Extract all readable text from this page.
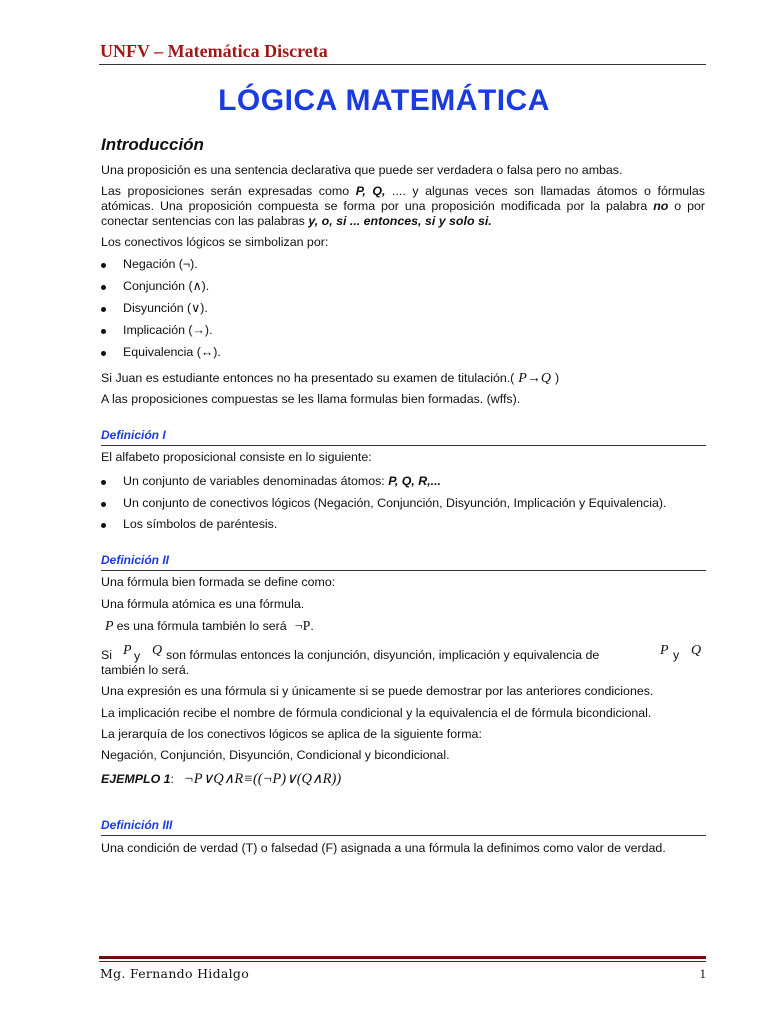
UNFV – Matemática Discreta
LÓGICA MATEMÁTICA
Introducción
Una proposición es una sentencia declarativa que puede ser verdadera o falsa pero no ambas.
Las proposiciones serán expresadas como P, Q, .... y algunas veces son llamadas átomos o fórmulas atómicas. Una proposición compuesta se forma por una proposición modificada por la palabra no o por conectar sentencias con las palabras y, o, si ... entonces, si y solo si.
Los conectivos lógicos se simbolizan por:
Negación (¬).
Conjunción (∧).
Disyunción (∨).
Implicación (→).
Equivalencia (↔).
Si Juan es estudiante entonces no ha presentado su examen de titulación.( P→Q )
A las proposiciones compuestas se les llama formulas bien formadas. (wffs).
Definición I
El alfabeto proposicional consiste en lo siguiente:
Un conjunto de variables denominadas átomos: P, Q, R,...
Un conjunto de conectivos lógicos (Negación, Conjunción, Disyunción, Implicación y Equivalencia).
Los símbolos de paréntesis.
Definición II
Una fórmula bien formada se define como:
Una fórmula atómica es una fórmula.
P es una fórmula también lo será ¬P.
Si P y Q son fórmulas entonces la conjunción, disyunción, implicación y equivalencia de	P y Q
también lo será.
Una expresión es una fórmula si y únicamente si se puede demostrar por las anteriores condiciones.
La implicación recibe el nombre de fórmula condicional y la equivalencia el de fórmula bicondicional.
La jerarquía de los conectivos lógicos se aplica de la siguiente forma:
Negación, Conjunción, Disyunción, Condicional y bicondicional.
EJEMPLO 1: ¬P∨Q∧R≡((¬P)∨(Q∧R))
Definición III
Una condición de verdad (T) o falsedad (F) asignada a una fórmula la definimos como valor de verdad.
Mg. Fernando Hidalgo	1
